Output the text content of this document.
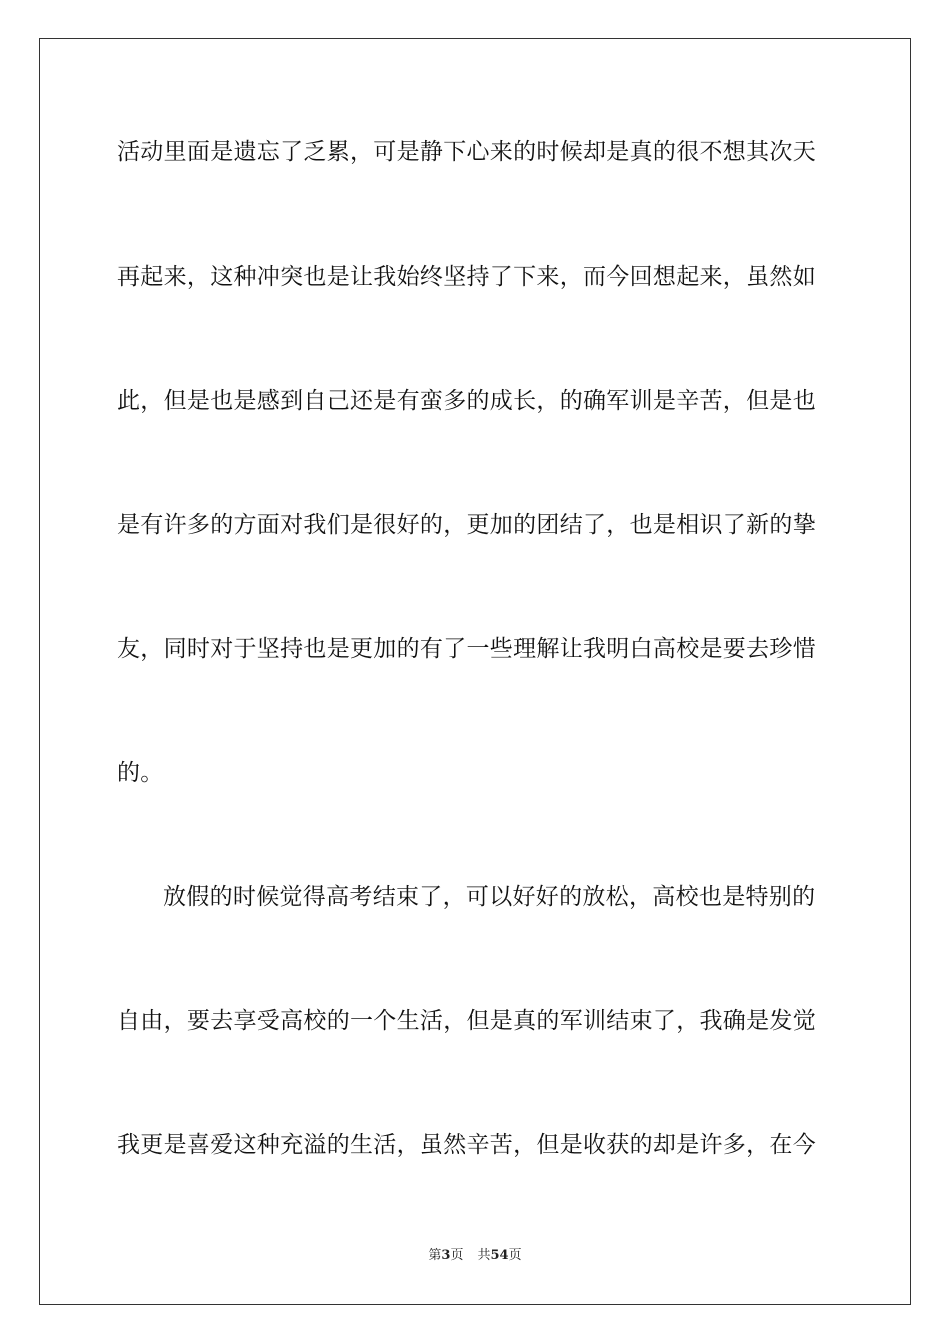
活动里面是遗忘了乏累，可是静下心来的时候却是真的很不想其次天
再起来，这种冲突也是让我始终坚持了下来，而今回想起来，虽然如
此，但是也是感到自己还是有蛮多的成长，的确军训是辛苦，但是也
是有许多的方面对我们是很好的，更加的团结了，也是相识了新的挚
友，同时对于坚持也是更加的有了一些理解让我明白高校是要去珍惜
的。
放假的时候觉得高考结束了，可以好好的放松，高校也是特别的
自由，要去享受高校的一个生活，但是真的军训结束了，我确是发觉
我更是喜爱这种充溢的生活，虽然辛苦，但是收获的却是许多，在今
第3页 共54页
